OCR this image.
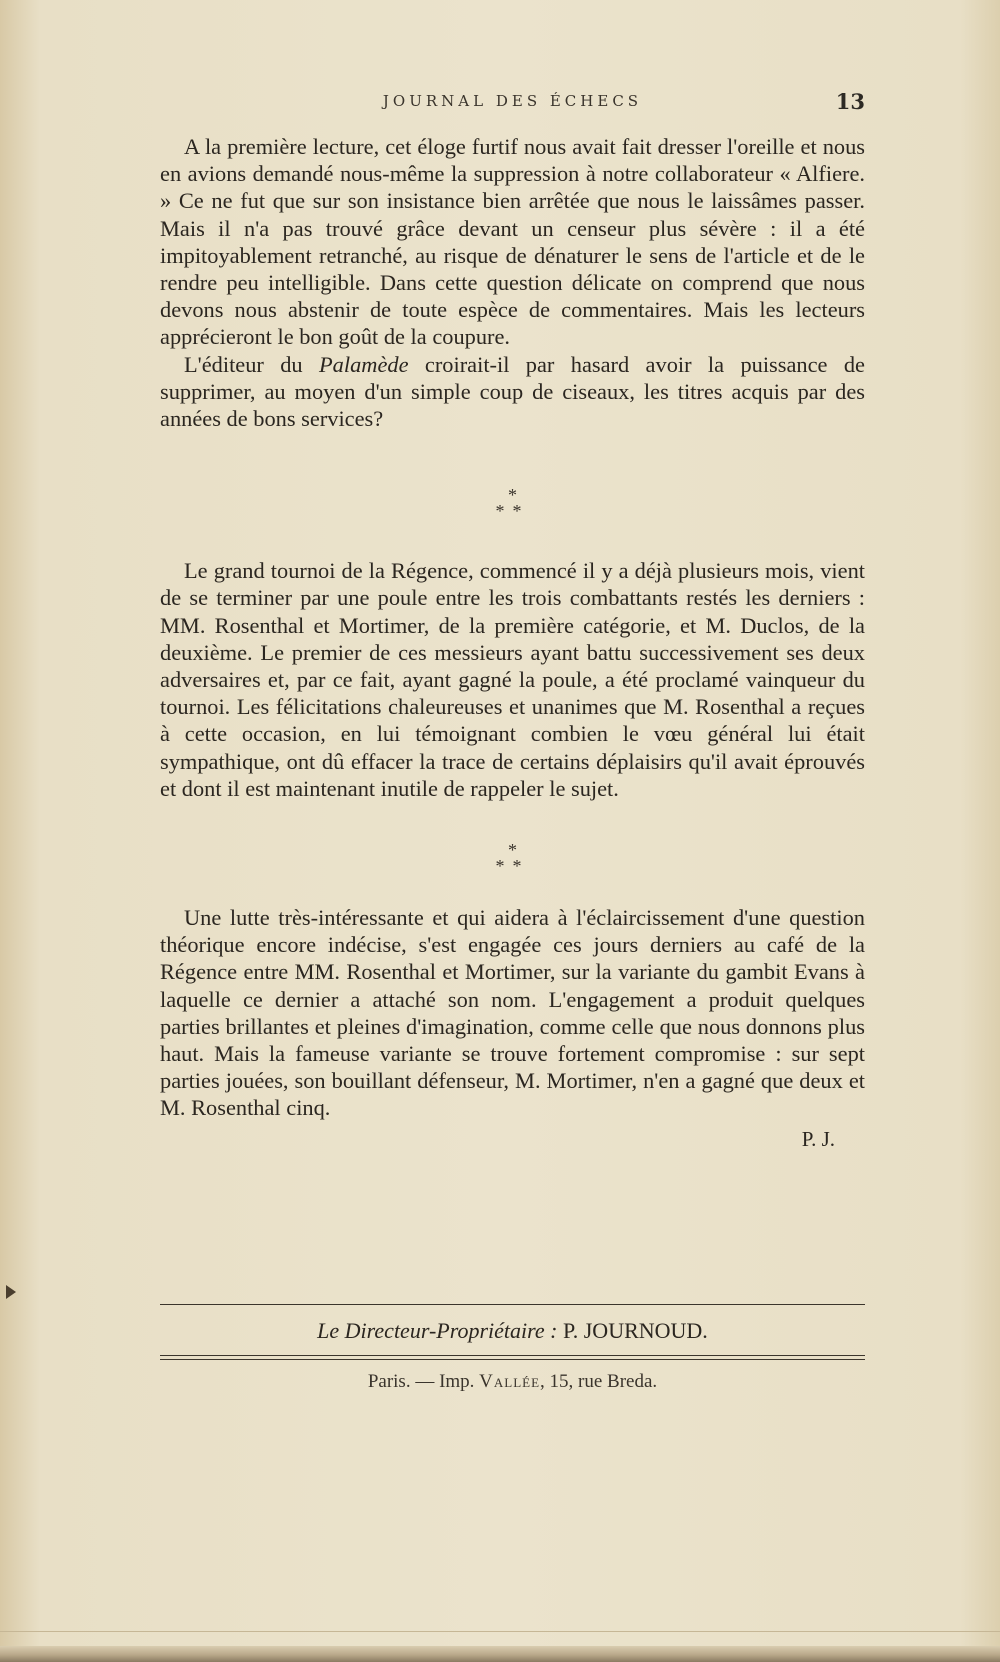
JOURNAL DES ÉCHECS	13

A la première lecture, cet éloge furtif nous avait fait dresser l'oreille et nous en avions demandé nous-même la suppression à notre collaborateur « Alfiere. » Ce ne fut que sur son insistance bien arrêtée que nous le laissâmes passer. Mais il n'a pas trouvé grâce devant un censeur plus sévère : il a été impitoyablement retranché, au risque de dénaturer le sens de l'article et de le rendre peu intelligible. Dans cette question délicate on comprend que nous devons nous abstenir de toute espèce de commentaires. Mais les lecteurs apprécieront le bon goût de la coupure.

L'éditeur du Palamède croirait-il par hasard avoir la puissance de supprimer, au moyen d'un simple coup de ciseaux, les titres acquis par des années de bons services?

*
**

Le grand tournoi de la Régence, commencé il y a déjà plusieurs mois, vient de se terminer par une poule entre les trois combattants restés les derniers : MM. Rosenthal et Mortimer, de la première catégorie, et M. Duclos, de la deuxième. Le premier de ces messieurs ayant battu successivement ses deux adversaires et, par ce fait, ayant gagné la poule, a été proclamé vainqueur du tournoi. Les félicitations chaleureuses et unanimes que M. Rosenthal a reçues à cette occasion, en lui témoignant combien le vœu général lui était sympathique, ont dû effacer la trace de certains déplaisirs qu'il avait éprouvés et dont il est maintenant inutile de rappeler le sujet.

*
**

Une lutte très-intéressante et qui aidera à l'éclaircissement d'une question théorique encore indécise, s'est engagée ces jours derniers au café de la Régence entre MM. Rosenthal et Mortimer, sur la variante du gambit Evans à laquelle ce dernier a attaché son nom. L'engagement a produit quelques parties brillantes et pleines d'imagination, comme celle que nous donnons plus haut. Mais la fameuse variante se trouve fortement compromise : sur sept parties jouées, son bouillant défenseur, M. Mortimer, n'en a gagné que deux et M. Rosenthal cinq.

P. J.
Le Directeur-Propriétaire : P. JOURNOUD.
Paris. — Imp. Vallée, 15, rue Breda.
